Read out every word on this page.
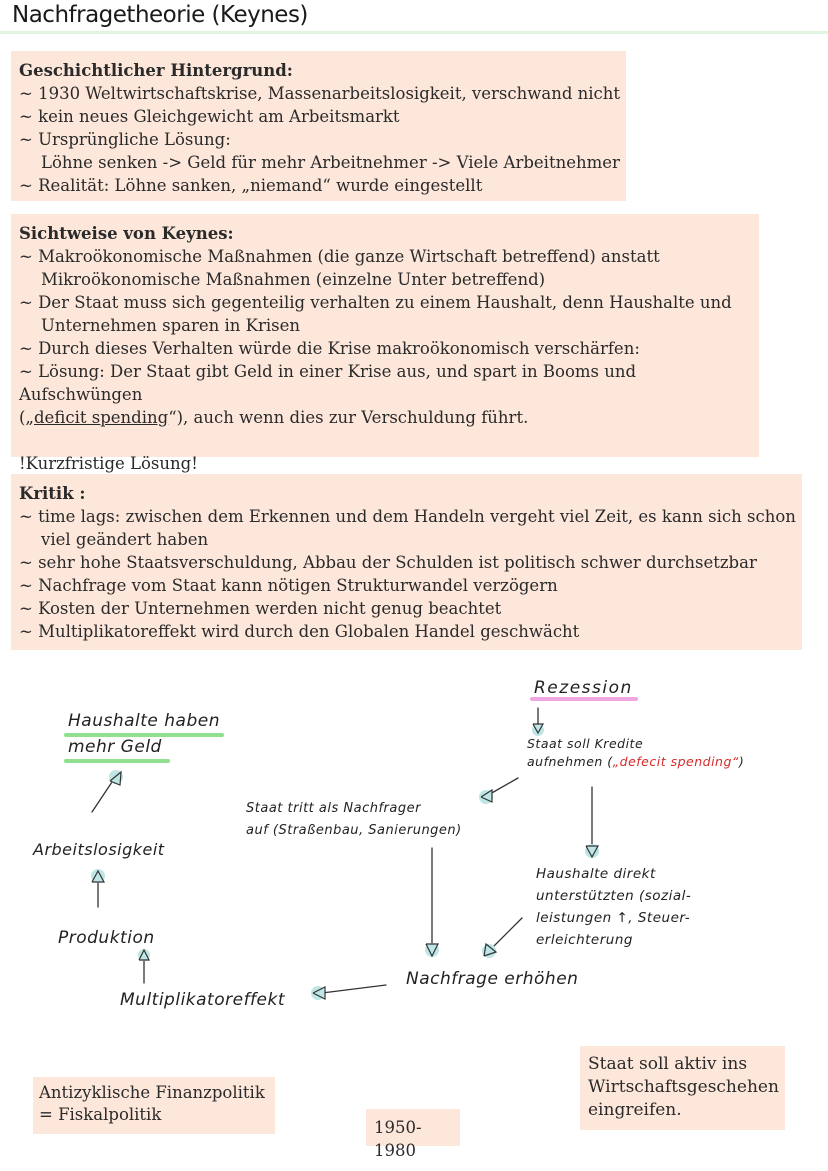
Nachfragetheorie (Keynes)
Geschichtlicher Hintergrund:
~ 1930 Weltwirtschaftskrise, Massenarbeitslosigkeit, verschwand nicht
~ kein neues Gleichgewicht am Arbeitsmarkt
~ Ursprüngliche Lösung:
Löhne senken -> Geld für mehr Arbeitnehmer -> Viele Arbeitnehmer
~ Realität: Löhne sanken, „niemand“ wurde eingestellt
Sichtweise von Keynes:
~ Makroökonomische Maßnahmen (die ganze Wirtschaft betreffend) anstatt
Mikroökonomische Maßnahmen (einzelne Unter betreffend)
~ Der Staat muss sich gegenteilig verhalten zu einem Haushalt, denn Haushalte und
Unternehmen sparen in Krisen
~ Durch dieses Verhalten würde die Krise makroökonomisch verschärfen:
~ Lösung: Der Staat gibt Geld in einer Krise aus, und spart in Booms und Aufschwüngen
(„deficit spending“), auch wenn dies zur Verschuldung führt.
!Kurzfristige Lösung!
Kritik :
~ time lags: zwischen dem Erkennen und dem Handeln vergeht viel Zeit, es kann sich schon
viel geändert haben
~ sehr hohe Staatsverschuldung, Abbau der Schulden ist politisch schwer durchsetzbar
~ Nachfrage vom Staat kann nötigen Strukturwandel verzögern
~ Kosten der Unternehmen werden nicht genug beachtet
~ Multiplikatoreffekt wird durch den Globalen Handel geschwächt
Rezession
Staat soll Kredite
aufnehmen („defecit spending“)
Staat tritt als Nachfrager
auf (Straßenbau, Sanierungen)
Haushalte direkt
unterstützten (sozial-
leistungen ↑, Steuer-
erleichterung
Nachfrage erhöhen
Multiplikatoreffekt
Produktion
Arbeitslosigkeit
Haushalte haben
mehr Geld
Antizyklische Finanzpolitik
= Fiskalpolitik
1950-1980
Staat soll aktiv ins
Wirtschaftsgeschehen
eingreifen.
